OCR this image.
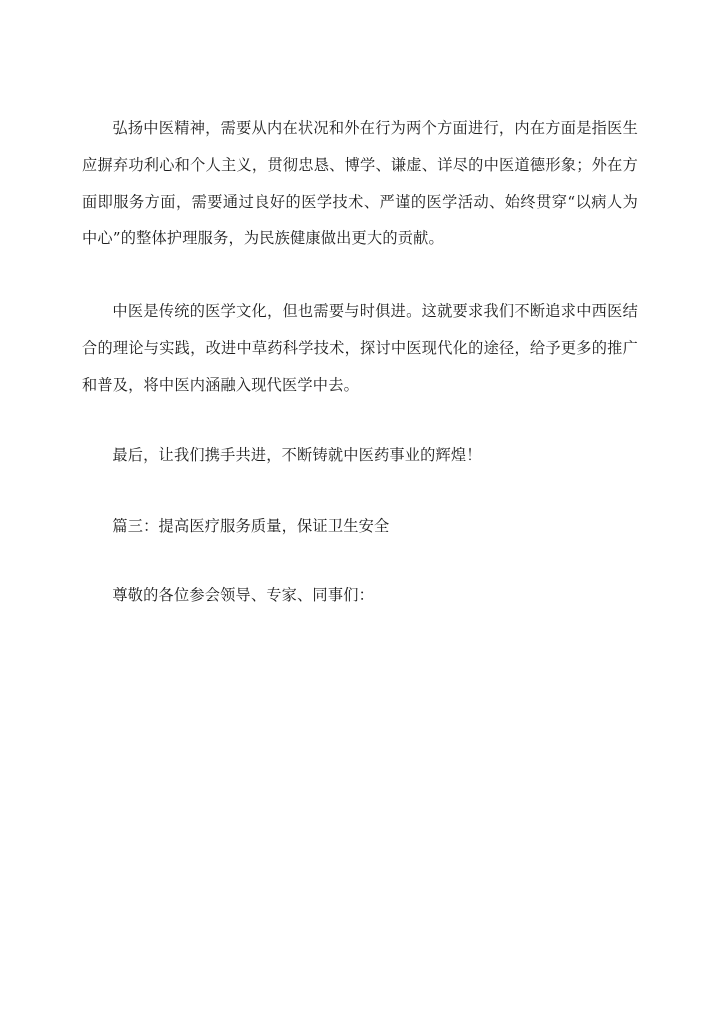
弘扬中医精神，需要从内在状况和外在行为两个方面进行，内在方面是指医生应摒弃功利心和个人主义，贯彻忠恳、博学、谦虚、详尽的中医道德形象；外在方面即服务方面，需要通过良好的医学技术、严谨的医学活动、始终贯穿“以病人为中心”的整体护理服务，为民族健康做出更大的贡献。

中医是传统的医学文化，但也需要与时俱进。这就要求我们不断追求中西医结合的理论与实践，改进中草药科学技术，探讨中医现代化的途径，给予更多的推广和普及，将中医内涵融入现代医学中去。

最后，让我们携手共进，不断铸就中医药事业的辉煌！

篇三：提高医疗服务质量，保证卫生安全

尊敬的各位参会领导、专家、同事们：
